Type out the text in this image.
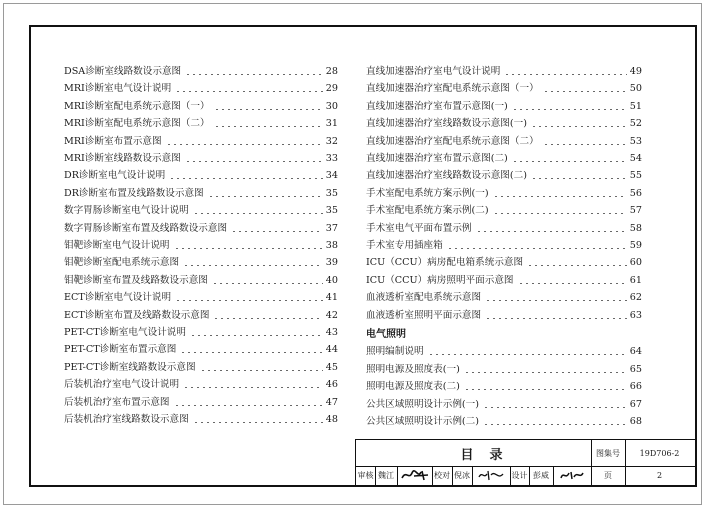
DSA诊断室线路数设示意图	28
MRI诊断室电气设计说明	29
MRI诊断室配电系统示意图（一）	30
MRI诊断室配电系统示意图（二）	31
MRI诊断室布置示意图	32
MRI诊断室线路数设示意图	33
DR诊断室电气设计说明	34
DR诊断室布置及线路数设示意图	35
数字胃肠诊断室电气设计说明	35
数字胃肠诊断室布置及线路数设示意图	37
钼靶诊断室电气设计说明	38
钼靶诊断室配电系统示意图	39
钼靶诊断室布置及线路数设示意图	40
ECT诊断室电气设计说明	41
ECT诊断室布置及线路数设示意图	42
PET-CT诊断室电气设计说明	43
PET-CT诊断室布置示意图	44
PET-CT诊断室线路数设示意图	45
后装机治疗室电气设计说明	46
后装机治疗室布置示意图	47
后装机治疗室线路数设示意图	48
直线加速器治疗室电气设计说明	49
直线加速器治疗室配电系统示意图（一）	50
直线加速器治疗室布置示意图(一)	51
直线加速器治疗室线路数设示意图(一)	52
直线加速器治疗室配电系统示意图（二）	53
直线加速器治疗室布置示意图(二)	54
直线加速器治疗室线路数设示意图(二)	55
手术室配电系统方案示例(一)	56
手术室配电系统方案示例(二)	57
手术室电气平面布置示例	58
手术室专用插座箱	59
ICU（CCU）病房配电箱系统示意图	60
ICU（CCU）病房照明平面示意图	61
血液透析室配电系统示意图	62
血液透析室照明平面示意图	63
电气照明
照明编制说明	64
照明电源及照度表(一)	65
照明电源及照度表(二)	66
公共区域照明设计示例(一)	67
公共区域照明设计示例(二)	68
目录	图集号	19D706-2
审核 魏江	校对 倪冰	设计 彭威	页	2
